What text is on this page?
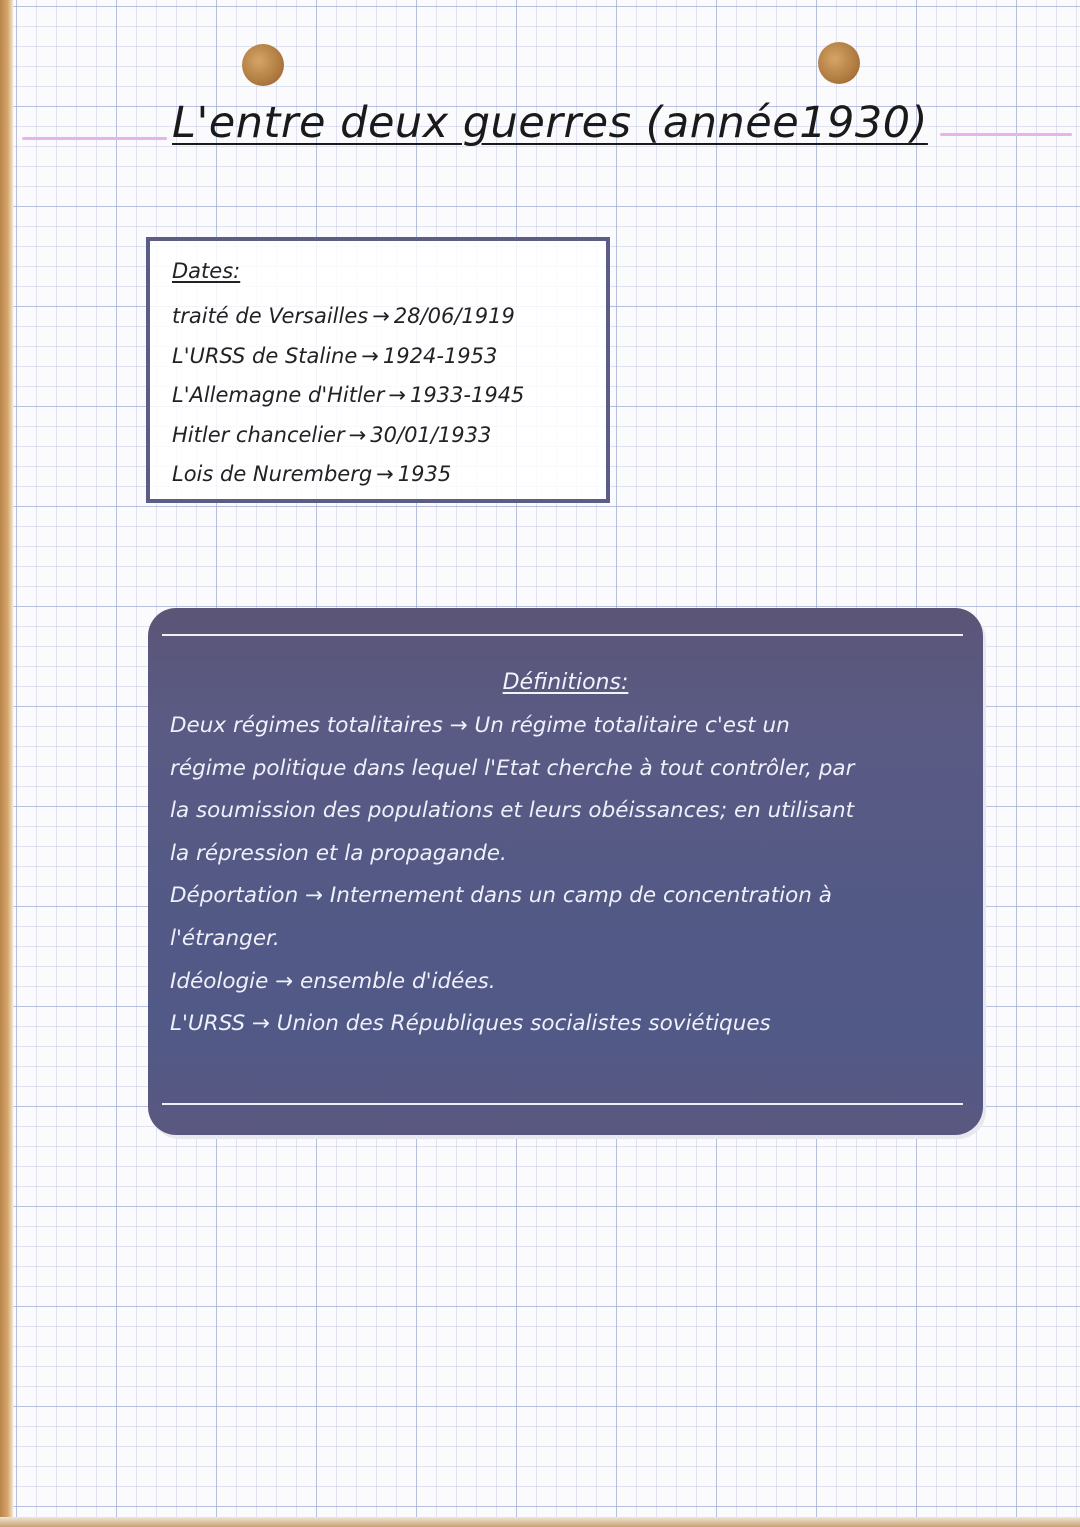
L'entre deux guerres (année1930)
Dates:
traité de Versailles → 28/06/1919
L'URSS de Staline → 1924-1953
L'Allemagne d'Hitler → 1933-1945
Hitler chancelier → 30/01/1933
Lois de Nuremberg → 1935
Définitions:

Deux régimes totalitaires → Un régime totalitaire c'est un

régime politique dans lequel l'Etat cherche à tout contrôler, par

la soumission des populations et leurs obéissances; en utilisant

la répression et la propagande.

Déportation → Internement dans un camp de concentration à

l'étranger.

Idéologie → ensemble d'idées.

L'URSS → Union des Républiques socialistes soviétiques
